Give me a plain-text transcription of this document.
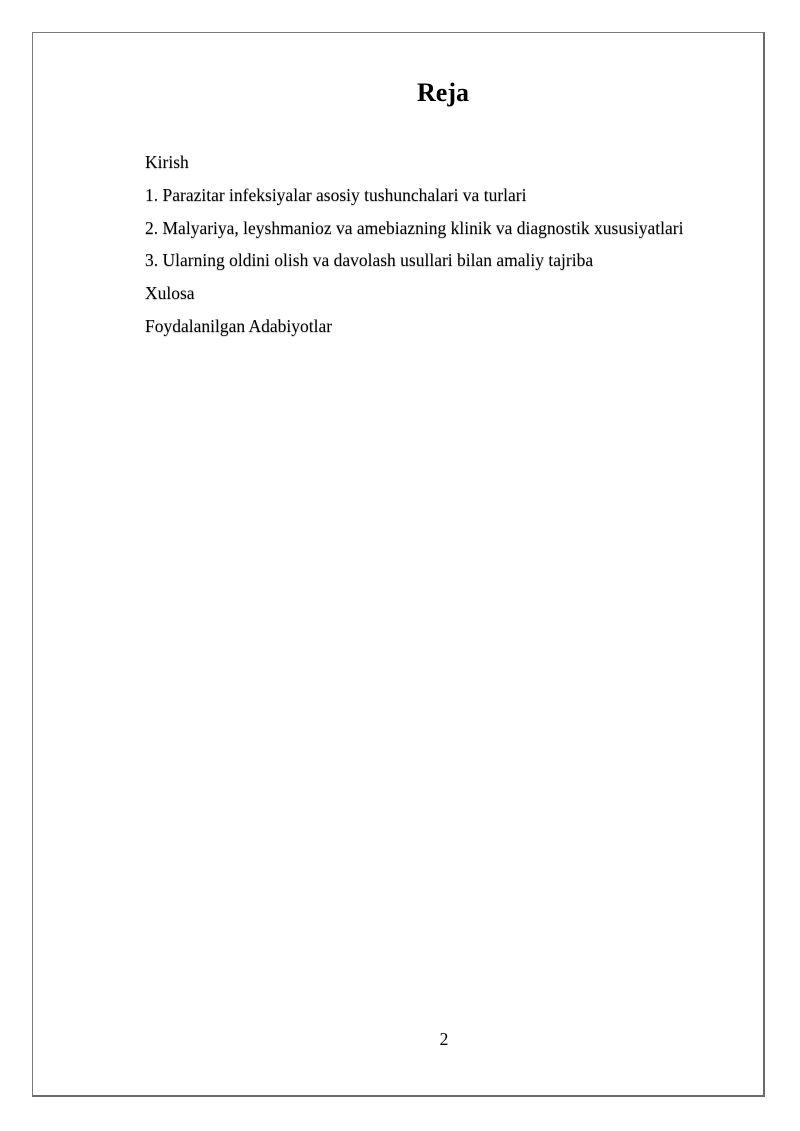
Reja
Kirish
1. Parazitar infeksiyalar asosiy tushunchalari va turlari
2. Malyariya, leyshmanioz va amebiazning klinik va diagnostik xususiyatlari
3. Ularning oldini olish va davolash usullari bilan amaliy tajriba
Xulosa
Foydalanilgan Adabiyotlar
2
